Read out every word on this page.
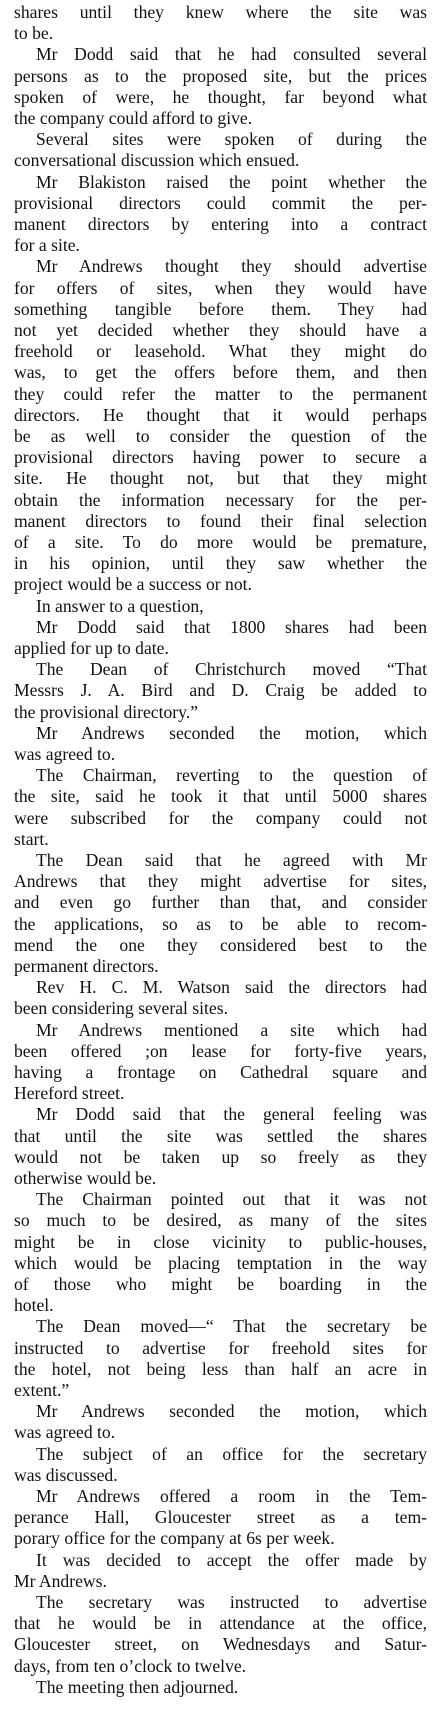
shares until they knew where the site was
to be.
Mr Dodd said that he had consulted several
persons as to the proposed site, but the prices
spoken of were, he thought, far beyond what
the company could afford to give.
Several sites were spoken of during the
conversational discussion which ensued.
Mr Blakiston raised the point whether the
provisional directors could commit the per-
manent directors by entering into a contract
for a site.
Mr Andrews thought they should advertise
for offers of sites, when they would have
something tangible before them. They had
not yet decided whether they should have a
freehold or leasehold. What they might do
was, to get the offers before them, and then
they could refer the matter to the permanent
directors. He thought that it would perhaps
be as well to consider the question of the
provisional directors having power to secure a
site. He thought not, but that they might
obtain the information necessary for the per-
manent directors to found their final selection
of a site. To do more would be premature,
in his opinion, until they saw whether the
project would be a success or not.
In answer to a question,
Mr Dodd said that 1800 shares had been
applied for up to date.
The Dean of Christchurch moved “That
Messrs J. A. Bird and D. Craig be added to
the provisional directory.”
Mr Andrews seconded the motion, which
was agreed to.
The Chairman, reverting to the question of
the site, said he took it that until 5000 shares
were subscribed for the company could not
start.
The Dean said that he agreed with Mr
Andrews that they might advertise for sites,
and even go further than that, and consider
the applications, so as to be able to recom-
mend the one they considered best to the
permanent directors.
Rev H. C. M. Watson said the directors had
been considering several sites.
Mr Andrews mentioned a site which had
been offered ;on lease for forty-five years,
having a frontage on Cathedral square and
Hereford street.
Mr Dodd said that the general feeling was
that until the site was settled the shares
would not be taken up so freely as they
otherwise would be.
The Chairman pointed out that it was not
so much to be desired, as many of the sites
might be in close vicinity to public-houses,
which would be placing temptation in the way
of those who might be boarding in the
hotel.
The Dean moved—“ That the secretary be
instructed to advertise for freehold sites for
the hotel, not being less than half an acre in
extent.”
Mr Andrews seconded the motion, which
was agreed to.
The subject of an office for the secretary
was discussed.
Mr Andrews offered a room in the Tem-
perance Hall, Gloucester street as a tem-
porary office for the company at 6s per week.
It was decided to accept the offer made by
Mr Andrews.
The secretary was instructed to advertise
that he would be in attendance at the office,
Gloucester street, on Wednesdays and Satur-
days, from ten o’clock to twelve.
The meeting then adjourned.
